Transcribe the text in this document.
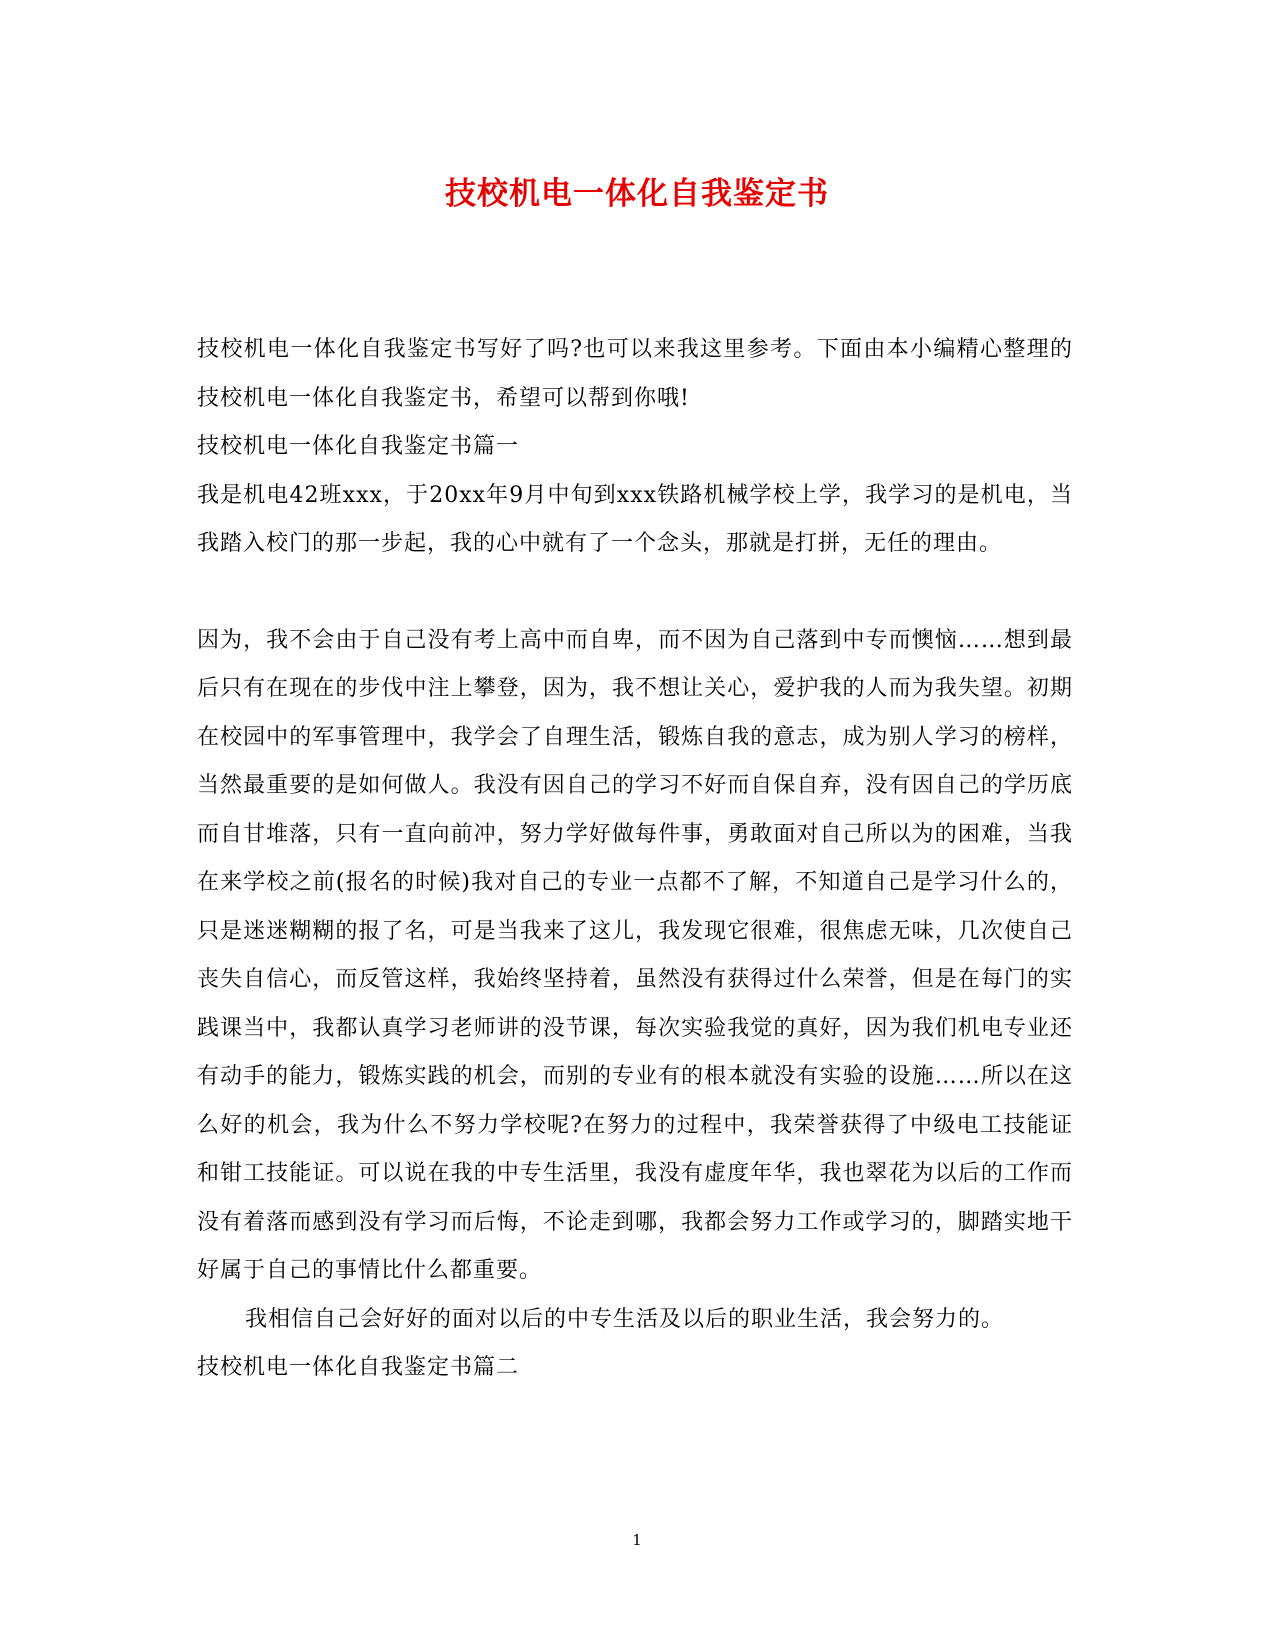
技校机电一体化自我鉴定书

技校机电一体化自我鉴定书写好了吗?也可以来我这里参考。下面由本小编精心整理的技校机电一体化自我鉴定书，希望可以帮到你哦!

技校机电一体化自我鉴定书篇一

我是机电42班xxx，于20xx年9月中旬到xxx铁路机械学校上学，我学习的是机电，当我踏入校门的那一步起，我的心中就有了一个念头，那就是打拼，无任的理由。

因为，我不会由于自己没有考上高中而自卑，而不因为自己落到中专而懊恼……想到最后只有在现在的步伐中注上攀登，因为，我不想让关心，爱护我的人而为我失望。初期在校园中的军事管理中，我学会了自理生活，锻炼自我的意志，成为别人学习的榜样，当然最重要的是如何做人。我没有因自己的学习不好而自保自弃，没有因自己的学历底而自甘堆落，只有一直向前冲，努力学好做每件事，勇敢面对自己所以为的困难，当我在来学校之前(报名的时候)我对自己的专业一点都不了解，不知道自己是学习什么的，只是迷迷糊糊的报了名，可是当我来了这儿，我发现它很难，很焦虑无味，几次使自己丧失自信心，而反管这样，我始终坚持着，虽然没有获得过什么荣誉，但是在每门的实践课当中，我都认真学习老师讲的没节课，每次实验我觉的真好，因为我们机电专业还有动手的能力，锻炼实践的机会，而别的专业有的根本就没有实验的设施……所以在这么好的机会，我为什么不努力学校呢?在努力的过程中，我荣誉获得了中级电工技能证和钳工技能证。可以说在我的中专生活里，我没有虚度年华，我也翠花为以后的工作而没有着落而感到没有学习而后悔，不论走到哪，我都会努力工作或学习的，脚踏实地干好属于自己的事情比什么都重要。

我相信自己会好好的面对以后的中专生活及以后的职业生活，我会努力的。

技校机电一体化自我鉴定书篇二

1
